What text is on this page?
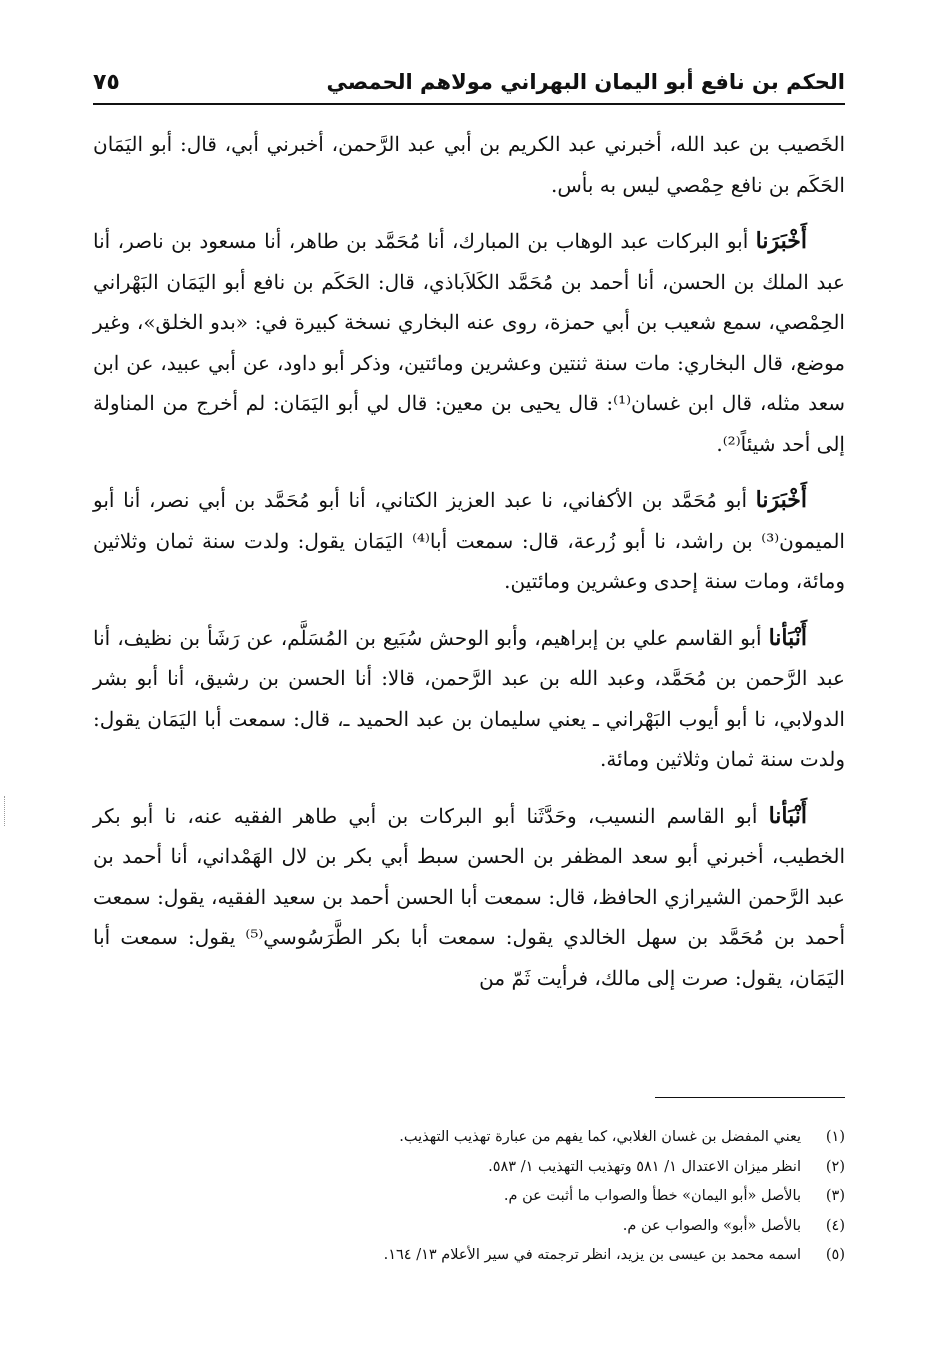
الحكم بن نافع أبو اليمان البهراني مولاهم الحمصي
٧٥

الخَصيب بن عبد الله، أخبرني عبد الكريم بن أبي عبد الرَّحمن، أخبرني أبي، قال: أبو اليَمَان الحَكَم بن نافع حِمْصي ليس به بأس.

أَخْبَرَنا أبو البركات عبد الوهاب بن المبارك، أنا مُحَمَّد بن طاهر، أنا مسعود بن ناصر، أنا عبد الملك بن الحسن، أنا أحمد بن مُحَمَّد الكَلاَباذي، قال: الحَكَم بن نافع أبو اليَمَان البَهْراني الحِمْصي، سمع شعيب بن أبي حمزة، روى عنه البخاري نسخة كبيرة في: «بدو الخلق»، وغير موضع، قال البخاري: مات سنة ثنتين وعشرين ومائتين، وذكر أبو داود، عن أبي عبيد، عن ابن سعد مثله، قال ابن غسان⁽¹⁾: قال يحيى بن معين: قال لي أبو اليَمَان: لم أخرج من المناولة إلى أحد شيئاً⁽²⁾.

أَخْبَرَنا أبو مُحَمَّد بن الأكفاني، نا عبد العزيز الكتاني، أنا أبو مُحَمَّد بن أبي نصر، أنا أبو الميمون⁽³⁾ بن راشد، نا أبو زُرعة، قال: سمعت أبا⁽⁴⁾ اليَمَان يقول: ولدت سنة ثمان وثلاثين ومائة، ومات سنة إحدى وعشرين ومائتين.

أَنْبَأنا أبو القاسم علي بن إبراهيم، وأبو الوحش سُبَيع بن المُسَلَّم، عن رَشَأ بن نظيف، أنا عبد الرَّحمن بن مُحَمَّد، وعبد الله بن عبد الرَّحمن، قالا: أنا الحسن بن رشيق، أنا أبو بشر الدولابي، نا أبو أيوب البَهْراني ـ يعني سليمان بن عبد الحميد ـ، قال: سمعت أبا اليَمَان يقول: ولدت سنة ثمان وثلاثين ومائة.

أَنْبَأنا أبو القاسم النسيب، وحَدَّثَنا أبو البركات بن أبي طاهر الفقيه عنه، نا أبو بكر الخطيب، أخبرني أبو سعد المظفر بن الحسن سبط أبي بكر بن لال الهَمْداني، أنا أحمد بن عبد الرَّحمن الشيرازي الحافظ، قال: سمعت أبا الحسن أحمد بن سعيد الفقيه، يقول: سمعت أحمد بن مُحَمَّد بن سهل الخالدي يقول: سمعت أبا بكر الطَّرَسُوسي⁽⁵⁾ يقول: سمعت أبا اليَمَان، يقول: صرت إلى مالك، فرأيت ثَمّ من

(١)
يعني المفضل بن غسان الغلابي، كما يفهم من عبارة تهذيب التهذيب.
(٢)
انظر ميزان الاعتدال ١/ ٥٨١ وتهذيب التهذيب ١/ ٥٨٣.
(٣)
بالأصل «أبو اليمان» خطأ والصواب ما أثبت عن م.
(٤)
بالأصل «أبو» والصواب عن م.
(٥)
اسمه محمد بن عيسى بن يزيد، انظر ترجمته في سير الأعلام ١٣/ ١٦٤.
